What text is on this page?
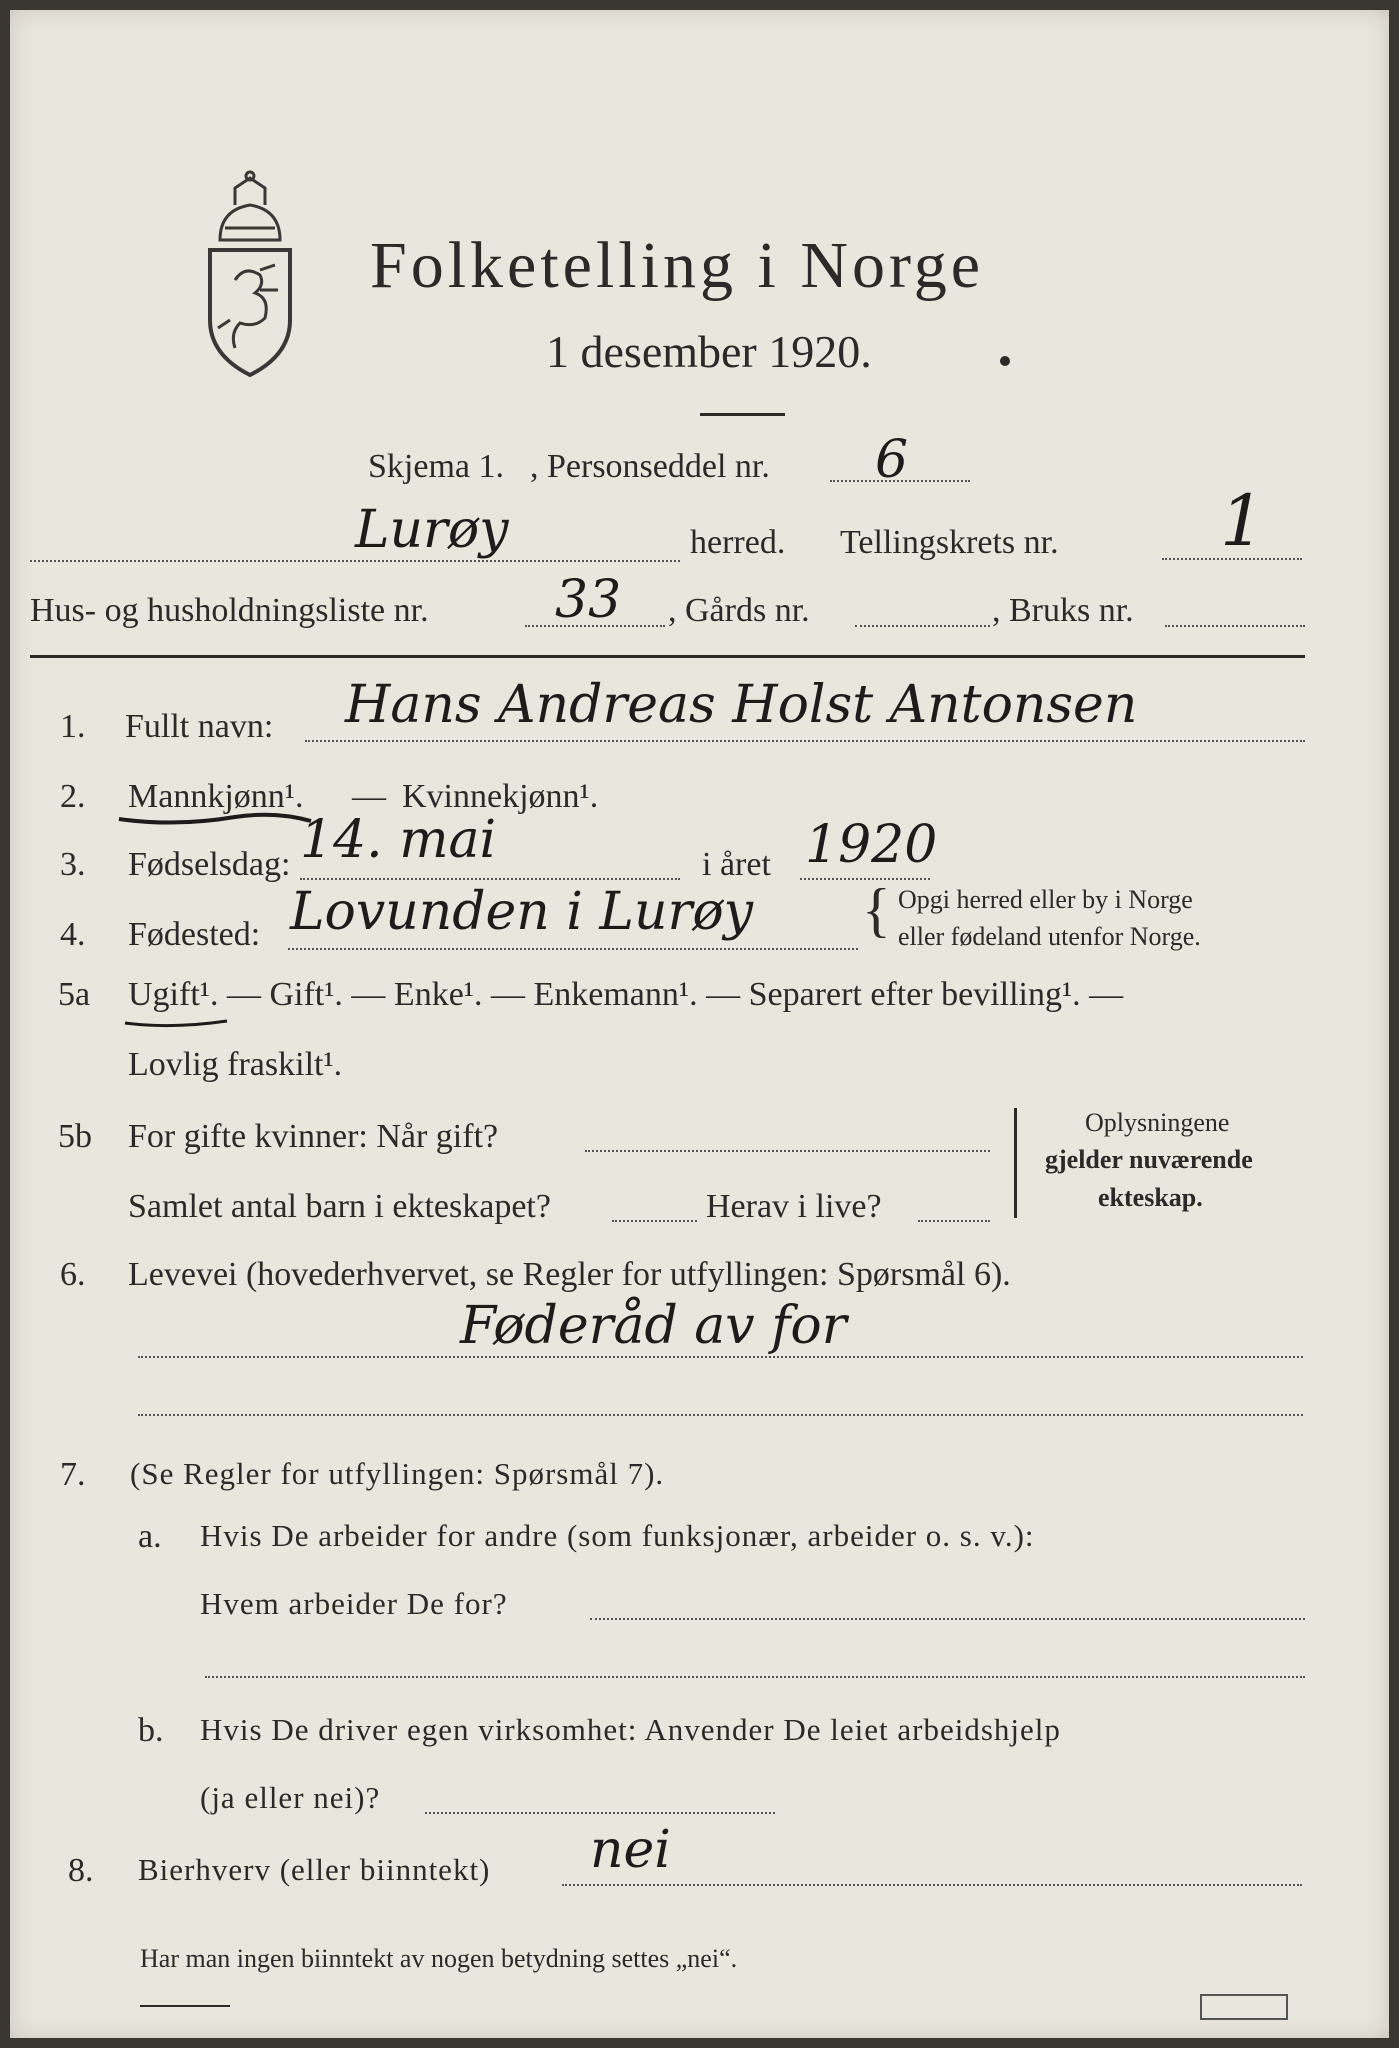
Folketelling i Norge
1 desember 1920.
Skjema 1. , Personseddel nr. 6
Lurøy	herred. Tellingskrets nr. 1
Hus- og husholdningsliste nr. 33 , Gårds nr.	, Bruks nr.
1. Fullt navn: Hans Andreas Holst Antonsen
2. Mannkjønn¹. — Kvinnekjønn¹.
3. Fødselsdag: 14. mai	i året 1920
4. Fødested: Lovunden i Lurøy { Opgi herred eller by i Norge
eller fødeland utenfor Norge.
5a Ugift¹. — Gift¹. — Enke¹. — Enkemann¹. — Separert efter bevilling¹. —
Lovlig fraskilt¹.
5b For gifte kvinner: Når gift?
Samlet antal barn i ekteskapet?	Herav i live?
Oplysningene
gjelder nuværende
ekteskap.
6. Levevei (hovederhvervet, se Regler for utfyllingen: Spørsmål 6).
Føderåd av for
7. (Se Regler for utfyllingen: Spørsmål 7).
a. Hvis De arbeider for andre (som funksjonær, arbeider o. s. v.):
Hvem arbeider De for?
b. Hvis De driver egen virksomhet: Anvender De leiet arbeidshjelp
(ja eller nei)?
8. Bierhverv (eller biinntekt) nei
Har man ingen biinntekt av nogen betydning settes „nei“.
